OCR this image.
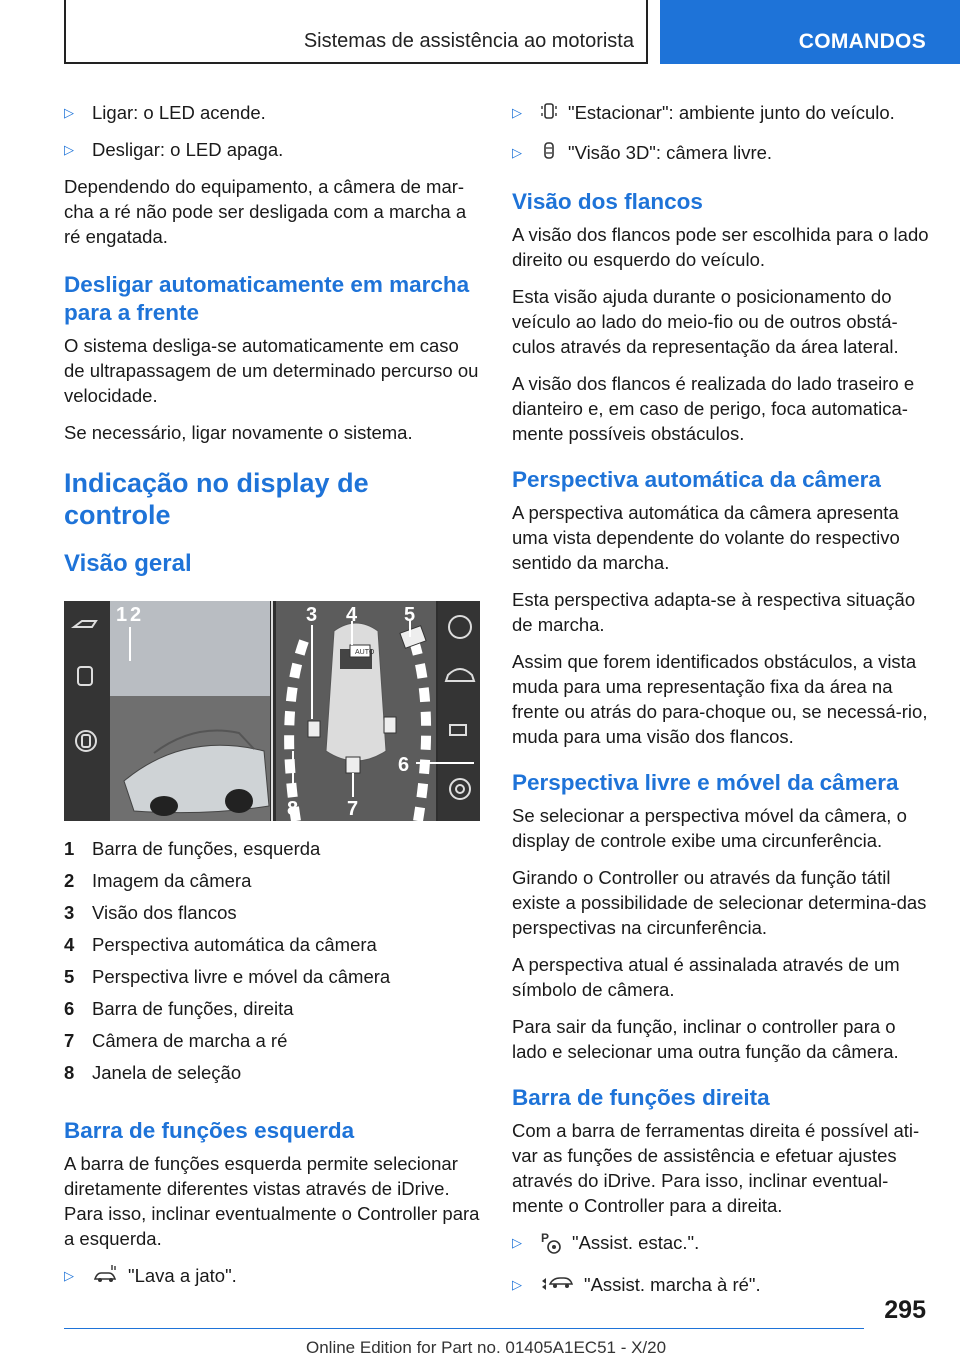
Sistemas de assistência ao motorista	COMANDOS
▷ Ligar: o LED acende.
▷ Desligar: o LED apaga.

Dependendo do equipamento, a câmera de mar-cha a ré não pode ser desligada com a marcha a ré engatada.

Desligar automaticamente em marcha para a frente

O sistema desliga-se automaticamente em caso de ultrapassagem de um determinado percurso ou velocidade.

Se necessário, ligar novamente o sistema.

Indicação no display de controle
Visão geral
AUTO
1 2	3 4 5
6
7
8
1 Barra de funções, esquerda
2 Imagem da câmera
3 Visão dos flancos
4 Perspectiva automática da câmera
5 Perspectiva livre e móvel da câmera
6 Barra de funções, direita
7 Câmera de marcha a ré
8 Janela de seleção
Barra de funções esquerda

A barra de funções esquerda permite selecionar diretamente diferentes vistas através de iDrive. Para isso, inclinar eventualmente o Controller para a esquerda.

▷	"Lava a jato".
▷	"Estacionar": ambiente junto do veículo.
▷	"Visão 3D": câmera livre.
Visão dos flancos

A visão dos flancos pode ser escolhida para o lado direito ou esquerdo do veículo.

Esta visão ajuda durante o posicionamento do veículo ao lado do meio-fio ou de outros obstá-culos através da representação da área lateral.

A visão dos flancos é realizada do lado traseiro e dianteiro e, em caso de perigo, foca automatica-mente possíveis obstáculos.

Perspectiva automática da câmera

A perspectiva automática da câmera apresenta uma vista dependente do volante do respectivo sentido da marcha.

Esta perspectiva adapta-se à respectiva situação de marcha.

Assim que forem identificados obstáculos, a vista muda para uma representação fixa da área na frente ou atrás do para-choque ou, se necessá-rio, muda para uma visão dos flancos.

Perspectiva livre e móvel da câmera

Se selecionar a perspectiva móvel da câmera, o display de controle exibe uma circunferência.

Girando o Controller ou através da função tátil existe a possibilidade de selecionar determina-das perspectivas na circunferência.

A perspectiva atual é assinalada através de um símbolo de câmera.

Para sair da função, inclinar o controller para o lado e selecionar uma outra função da câmera.

Barra de funções direita

Com a barra de ferramentas direita é possível ati-var as funções de assistência e efetuar ajustes através do iDrive. Para isso, inclinar eventual-mente o Controller para a direita.

▷	P "Assist. estac.".
▷	"Assist. marcha à ré".
295
Online Edition for Part no. 01405A1EC51 - X/20
